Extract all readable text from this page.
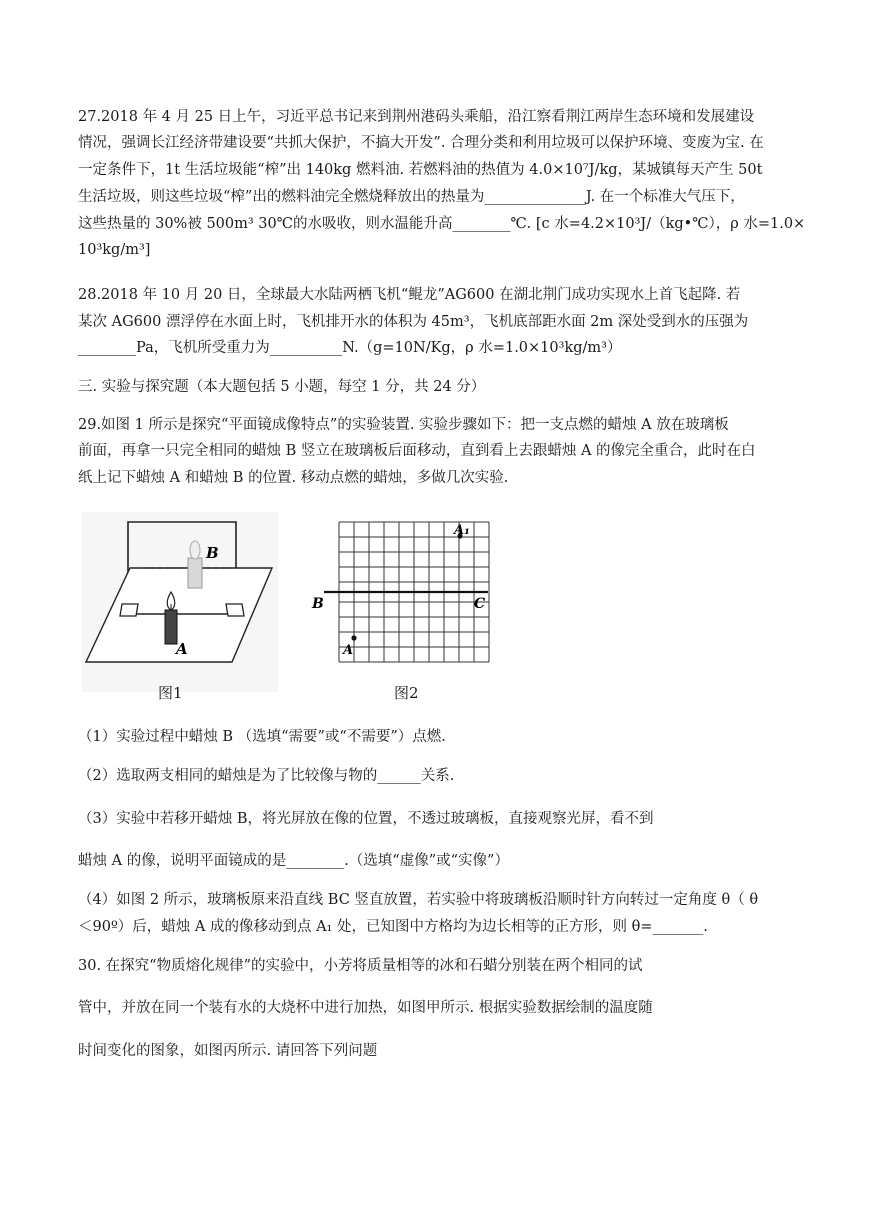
27.2018 年 4 月 25 日上午，习近平总书记来到荆州港码头乘船，沿江察看荆江两岸生态环境和发展建设
情况，强调长江经济带建设要“共抓大保护，不搞大开发”. 合理分类和利用垃圾可以保护环境、变废为宝. 在
一定条件下，1t 生活垃圾能“榨”出 140kg 燃料油. 若燃料油的热值为 4.0×10⁷J/kg，某城镇每天产生 50t
生活垃圾，则这些垃圾“榨”出的燃料油完全燃烧释放出的热量为______________J. 在一个标准大气压下，
这些热量的 30%被 500m³ 30℃的水吸收，则水温能升高________℃. [c 水=4.2×10³J/（kg•℃），ρ 水=1.0×
10³kg/m³]
28.2018 年 10 月 20 日，全球最大水陆两栖飞机“鲲龙”AG600 在湖北荆门成功实现水上首飞起降. 若
某次 AG600 漂浮停在水面上时，飞机排开水的体积为 45m³，飞机底部距水面 2m 深处受到水的压强为
________Pa，飞机所受重力为__________N.（g=10N/Kg，ρ 水=1.0×10³kg/m³）
三. 实验与探究题（本大题包括 5 小题，每空 1 分，共 24 分）
29.如图 1 所示是探究“平面镜成像特点”的实验装置. 实验步骤如下：把一支点燃的蜡烛 A 放在玻璃板
前面，再拿一只完全相同的蜡烛 B 竖立在玻璃板后面移动，直到看上去跟蜡烛 A 的像完全重合，此时在白
纸上记下蜡烛 A 和蜡烛 B 的位置. 移动点燃的蜡烛，多做几次实验.
B
A
图1
A₁
A
B	C
图2
（1）实验过程中蜡烛 B （选填“需要”或“不需要”）点燃.
（2）选取两支相同的蜡烛是为了比较像与物的______关系.
（3）实验中若移开蜡烛 B，将光屏放在像的位置，不透过玻璃板，直接观察光屏，看不到
蜡烛 A 的像，说明平面镜成的是________.（选填“虚像”或“实像”）
（4）如图 2 所示，玻璃板原来沿直线 BC 竖直放置，若实验中将玻璃板沿顺时针方向转过一定角度 θ（ θ
＜90º）后，蜡烛 A 成的像移动到点 A₁ 处，已知图中方格均为边长相等的正方形，则 θ=_______.
30. 在探究“物质熔化规律”的实验中，小芳将质量相等的冰和石蜡分别装在两个相同的试
管中，并放在同一个装有水的大烧杯中进行加热，如图甲所示. 根据实验数据绘制的温度随
时间变化的图象，如图丙所示. 请回答下列问题
